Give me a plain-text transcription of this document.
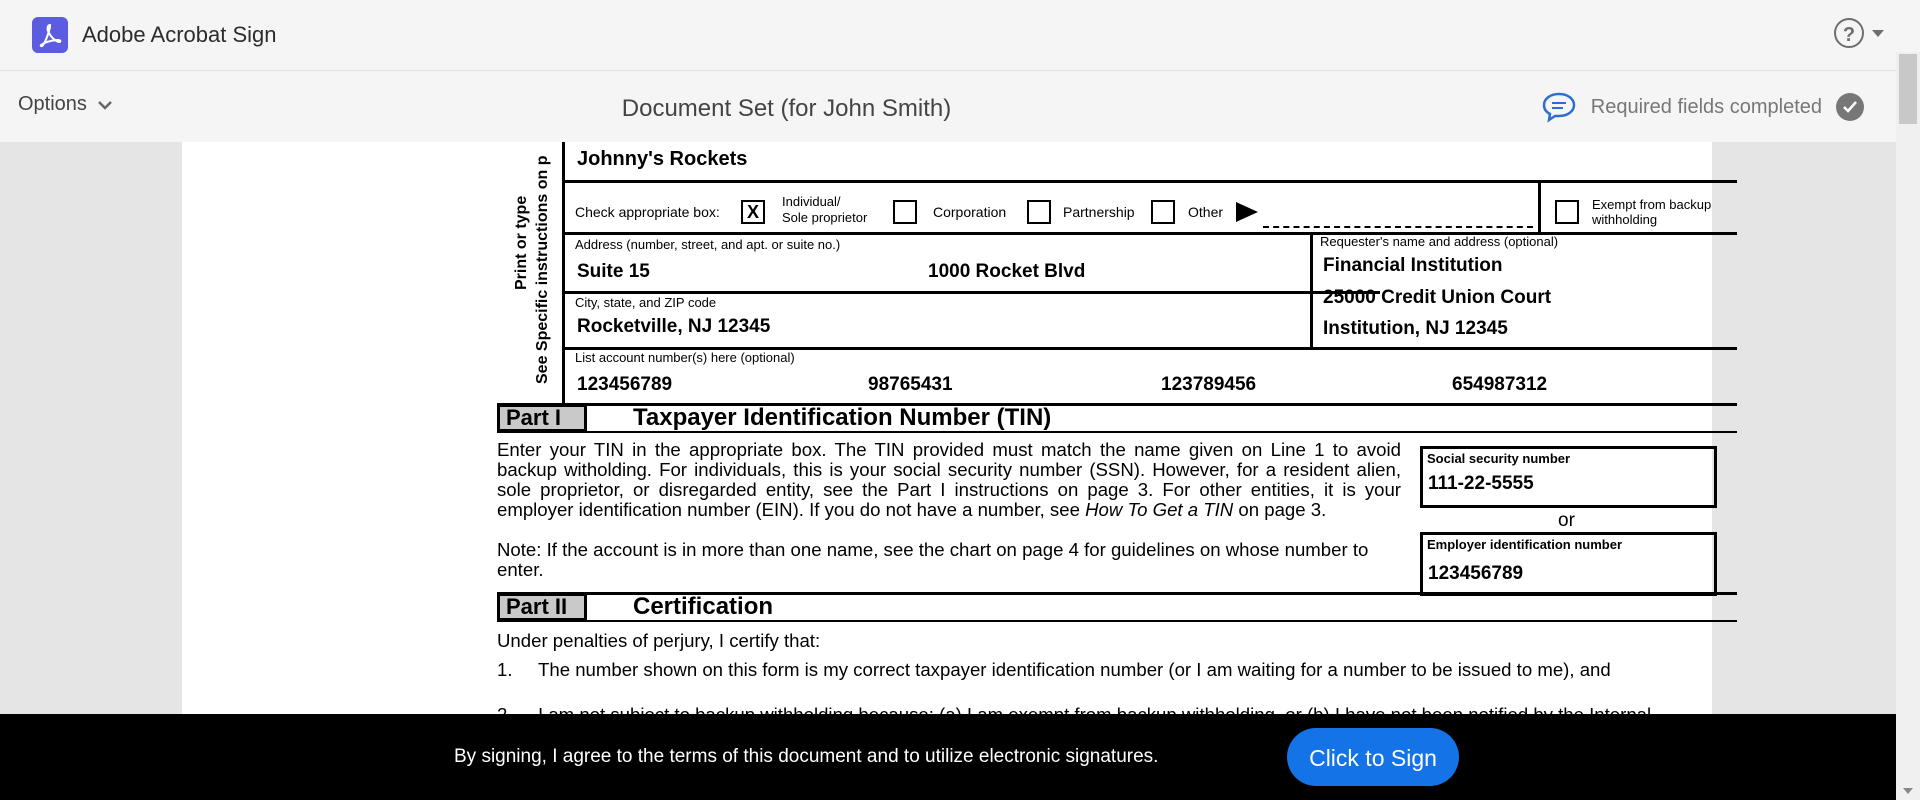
Adobe Acrobat Sign	?
Options	Document Set (for John Smith)	Required fields completed
Print or type See Specific instructions on p Johnny's Rockets
Check appropriate box:	X
Individual/
Sole proprietor	Corporation	Partnership	Other	Exempt from backup
withholding
Address (number, street, and apt. or suite no.)
Suite 15	1000 Rocket Blvd
City, state, and ZIP code
Rocketville, NJ 12345
Requester's name and address (optional)
Financial Institution
25000 Credit Union Court
Institution, NJ 12345
List account number(s) here (optional)
123456789	98765431	123789456	654987312
Part I	Taxpayer Identification Number (TIN)
Enter your TIN in the appropriate box. The TIN provided must match the name given on Line 1 to avoid backup witholding. For individuals, this is your social security number (SSN). However, for a resident alien, sole proprietor, or disregarded entity, see the Part I instructions on page 3. For other entities, it is your employer identification number (EIN). If you do not have a number, see How To Get a TIN on page 3.
Note: If the account is in more than one name, see the chart on page 4 for guidelines on whose number to enter.
Social security number
111-22-5555
or
Employer identification number
123456789
Part II	Certification
Under penalties of perjury, I certify that:
1. The number shown on this form is my correct taxpayer identification number (or I am waiting for a number to be issued to me), and
By signing, I agree to the terms of this document and to utilize electronic signatures.	Click to Sign
